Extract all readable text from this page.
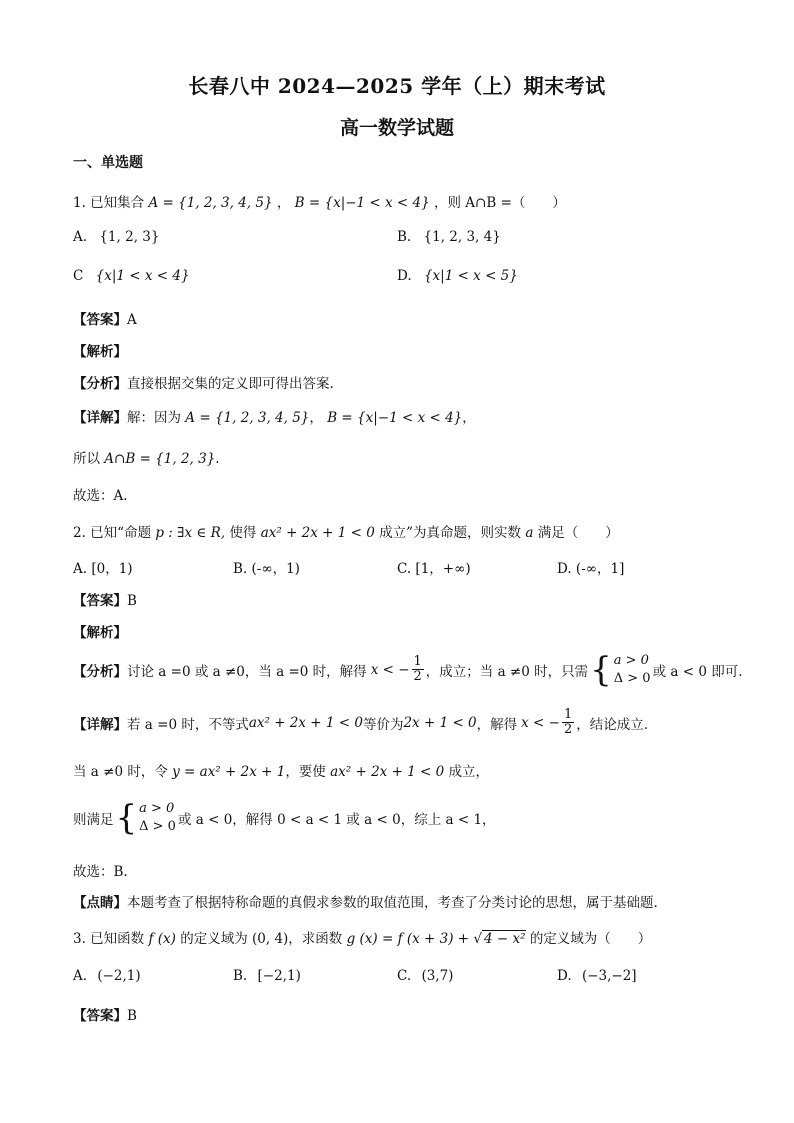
长春八中 2024—2025 学年（上）期末考试
高一数学试题
一、单选题
1. 已知集合 A = {1, 2, 3, 4, 5} ， B = {x|−1 < x < 4} ，则 A∩B =（　　）
A. {1, 2, 3}	B. {1, 2, 3, 4}
C {x|1 < x < 4}	D. {x|1 < x < 5}
【答案】A
【解析】
【分析】直接根据交集的定义即可得出答案.
【详解】解：因为 A = {1, 2, 3, 4, 5}， B = {x|−1 < x < 4}，
所以 A∩B = {1, 2, 3}.
故选：A.
2. 已知“命题 p : ∃x ∈ R, 使得 ax² + 2x + 1 < 0 成立”为真命题，则实数 a 满足（　　）
A. [0，1)	B. (-∞，1)	C. [1，+∞)	D. (-∞，1]
【答案】B
【解析】
【分析】 讨论 a =0 或 a ≠0，当 a =0 时，解得 x < − $\frac{1}{2}$ ，成立；当 a ≠0 时，只需 { a > 0
Δ > 0 或 a < 0 即可.
【详解】 若 a =0 时，不等式 ax² + 2x + 1 < 0 等价为 2x + 1 < 0 ，解得 x < − $\frac{1}{2}$ ，结论成立.
当 a ≠0 时，令 y = ax² + 2x + 1，要使 ax² + 2x + 1 < 0 成立，
则满足 { a > 0
Δ > 0 或 a < 0，解得 0 < a < 1 或 a < 0，综上 a < 1，
故选：B.
【点睛】本题考查了根据特称命题的真假求参数的取值范围，考查了分类讨论的思想，属于基础题.
3. 已知函数 f (x) 的定义域为 (0, 4)，求函数 g (x) = f (x + 3) + √ 4 − x² 的定义域为（　　）
A. (−2,1)	B. [−2,1)	C. (3,7)	D. (−3,−2]
【答案】B
